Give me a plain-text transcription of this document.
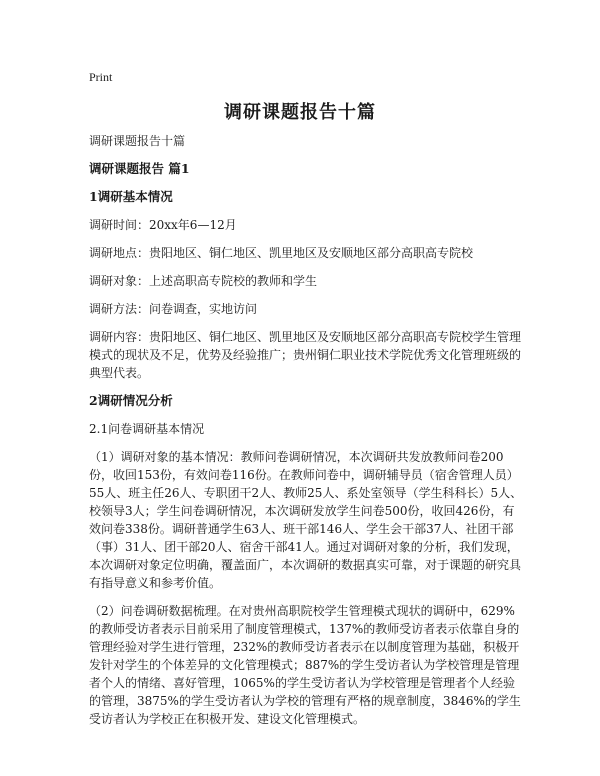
Print
调研课题报告十篇

调研课题报告十篇

调研课题报告 篇1

1调研基本情况

调研时间：20xx年6—12月

调研地点：贵阳地区、铜仁地区、凯里地区及安顺地区部分高职高专院校

调研对象：上述高职高专院校的教师和学生

调研方法：问卷调查，实地访问

调研内容：贵阳地区、铜仁地区、凯里地区及安顺地区部分高职高专院校学生管理模式的现状及不足，优势及经验推广；贵州铜仁职业技术学院优秀文化管理班级的典型代表。

2调研情况分析

2.1问卷调研基本情况

（1）调研对象的基本情况：教师问卷调研情况，本次调研共发放教师问卷200份，收回153份，有效问卷116份。在教师问卷中，调研辅导员（宿舍管理人员）55人、班主任26人、专职团干2人、教师25人、系处室领导（学生科科长）5人、校领导3人；学生问卷调研情况，本次调研发放学生问卷500份，收回426份，有效问卷338份。调研普通学生63人、班干部146人、学生会干部37人、社团干部（事）31人、团干部20人、宿舍干部41人。通过对调研对象的分析，我们发现，本次调研对象定位明确，覆盖面广，本次调研的数据真实可靠，对于课题的研究具有指导意义和参考价值。

（2）问卷调研数据梳理。在对贵州高职院校学生管理模式现状的调研中，629%的教师受访者表示目前采用了制度管理模式，137%的教师受访者表示依靠自身的管理经验对学生进行管理，232%的教师受访者表示在以制度管理为基础，积极开发针对学生的个体差异的文化管理模式；887%的学生受访者认为学校管理是管理者个人的情绪、喜好管理，1065%的学生受访者认为学校管理是管理者个人经验的管理，3875%的学生受访者认为学校的管理有严格的规章制度，3846%的学生受访者认为学校正在积极开发、建设文化管理模式。
